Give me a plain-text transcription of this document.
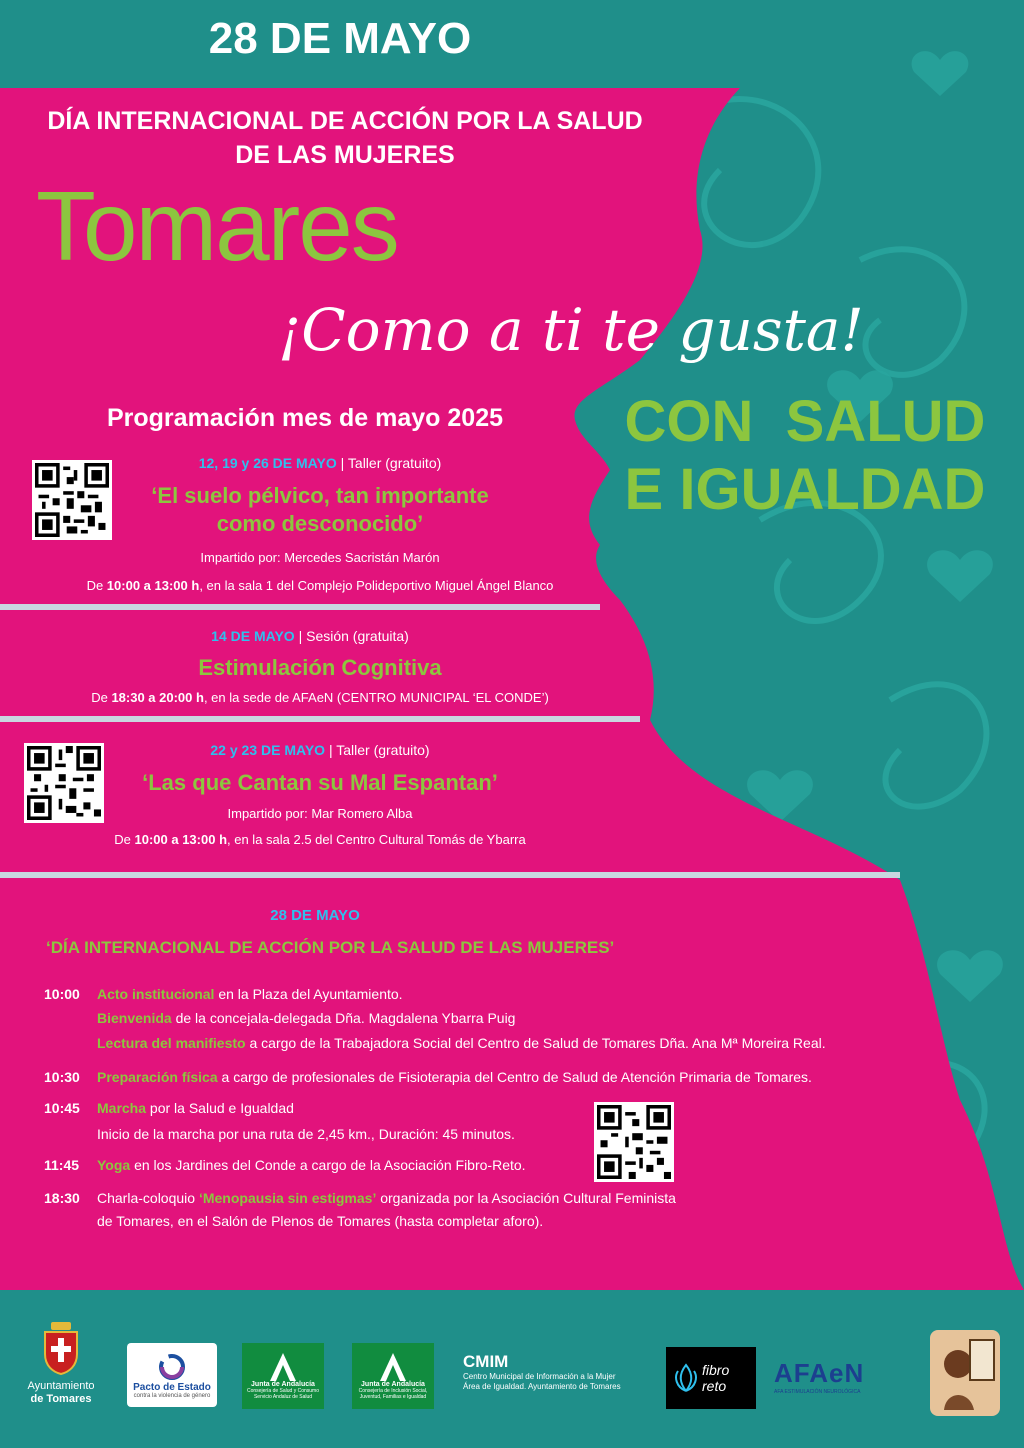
28 DE MAYO
DÍA INTERNACIONAL DE ACCIÓN POR LA SALUD
DE LAS MUJERES
Tomares
¡Como a ti te gusta!
CON  SALUD
E IGUALDAD
Programación mes de mayo 2025
12, 19 y 26 DE MAYO | Taller (gratuito)
‘El suelo pélvico, tan importante
como desconocido’
Impartido por: Mercedes Sacristán Marón
De 10:00 a 13:00 h, en la sala 1 del Complejo Polideportivo Miguel Ángel Blanco
14 DE MAYO | Sesión (gratuita)
Estimulación Cognitiva
De 18:30 a 20:00 h, en la sede de AFAeN (CENTRO MUNICIPAL ‘EL CONDE’)
22 y 23 DE MAYO | Taller (gratuito)
‘Las que Cantan su Mal Espantan’
Impartido por: Mar Romero Alba
De 10:00 a 13:00 h, en la sala 2.5 del Centro Cultural Tomás de Ybarra
28 DE MAYO
‘DÍA INTERNACIONAL DE ACCIÓN POR LA SALUD DE LAS MUJERES’
10:00 Acto institucional en la Plaza del Ayuntamiento.
Bienvenida de la concejala-delegada Dña. Magdalena Ybarra Puig
Lectura del manifiesto a cargo de la Trabajadora Social del Centro de Salud de Tomares Dña. Ana Mª Moreira Real.
10:30 Preparación física a cargo de profesionales de Fisioterapia del Centro de Salud de Atención Primaria de Tomares.
10:45 Marcha por la Salud e Igualdad
Inicio de la marcha por una ruta de 2,45 km., Duración: 45 minutos.
11:45 Yoga en los Jardines del Conde a cargo de la Asociación Fibro-Reto.
18:30 Charla-coloquio ‘Menopausia sin estigmas’ organizada por la Asociación Cultural Feminista
de Tomares, en el Salón de Plenos de Tomares (hasta completar aforo).
Ayuntamiento
de Tomares
Pacto de Estado
contra la violencia de género
Junta de Andalucía
Consejería de Salud y Consumo Servicio Andaluz de Salud
Junta de Andalucía
Consejería de Inclusión Social, Juventud, Familias e Igualdad
CMIM
Centro Municipal de Información a la Mujer
Área de Igualdad. Ayuntamiento de Tomares
fibro reto	AFAeN
AFA ESTIMULACIÓN NEUROLÓGICA
